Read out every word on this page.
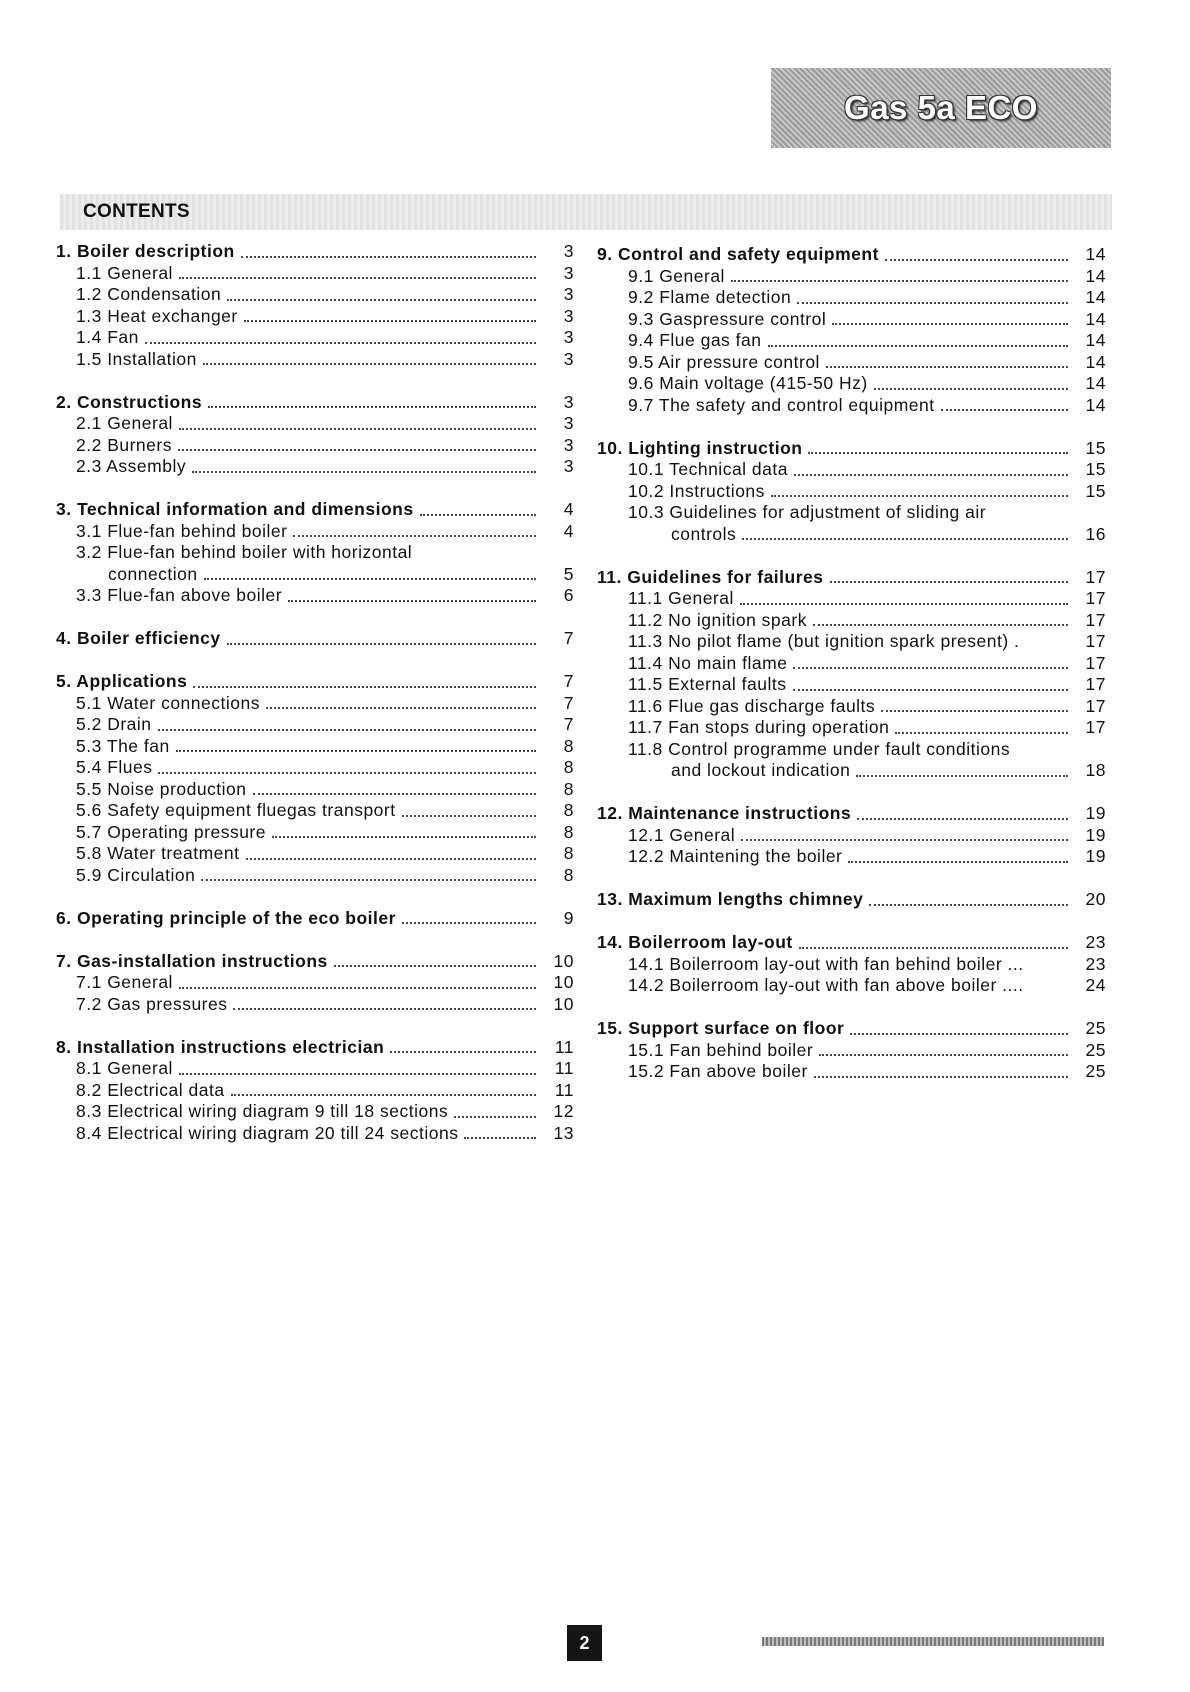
Gas 5a ECO
CONTENTS
1. Boiler description	3
1.1 General	3
1.2 Condensation	3
1.3 Heat exchanger	3
1.4 Fan	3
1.5 Installation	3
2. Constructions	3
2.1 General	3
2.2 Burners	3
2.3 Assembly	3
3. Technical information and dimensions	4
3.1 Flue-fan behind boiler	4
3.2 Flue-fan behind boiler with horizontal
connection	5
3.3 Flue-fan above boiler	6
4. Boiler efficiency	7
5. Applications	7
5.1 Water connections	7
5.2 Drain	7
5.3 The fan	8
5.4 Flues	8
5.5 Noise production	8
5.6 Safety equipment fluegas transport	8
5.7 Operating pressure	8
5.8 Water treatment	8
5.9 Circulation	8
6. Operating principle of the eco boiler	9
7. Gas-installation instructions	10
7.1 General	10
7.2 Gas pressures	10
8. Installation instructions electrician	11
8.1 General	11
8.2 Electrical data	11
8.3 Electrical wiring diagram 9 till 18 sections	12
8.4 Electrical wiring diagram 20 till 24 sections	13
9. Control and safety equipment	14
9.1 General	14
9.2 Flame detection	14
9.3 Gaspressure control	14
9.4 Flue gas fan	14
9.5 Air pressure control	14
9.6 Main voltage (415-50 Hz)	14
9.7 The safety and control equipment	14
10. Lighting instruction	15
10.1 Technical data	15
10.2 Instructions	15
10.3 Guidelines for adjustment of sliding air
controls	16
11. Guidelines for failures	17
11.1 General	17
11.2 No ignition spark	17
11.3 No pilot flame (but ignition spark present) .	17
11.4 No main flame	17
11.5 External faults	17
11.6 Flue gas discharge faults	17
11.7 Fan stops during operation	17
11.8 Control programme under fault conditions
and lockout indication	18
12. Maintenance instructions	19
12.1 General	19
12.2 Maintening the boiler	19
13. Maximum lengths chimney	20
14. Boilerroom lay-out	23
14.1 Boilerroom lay-out with fan behind boiler ...	23
14.2 Boilerroom lay-out with fan above boiler ....	24
15. Support surface on floor	25
15.1 Fan behind boiler	25
15.2 Fan above boiler	25
2
